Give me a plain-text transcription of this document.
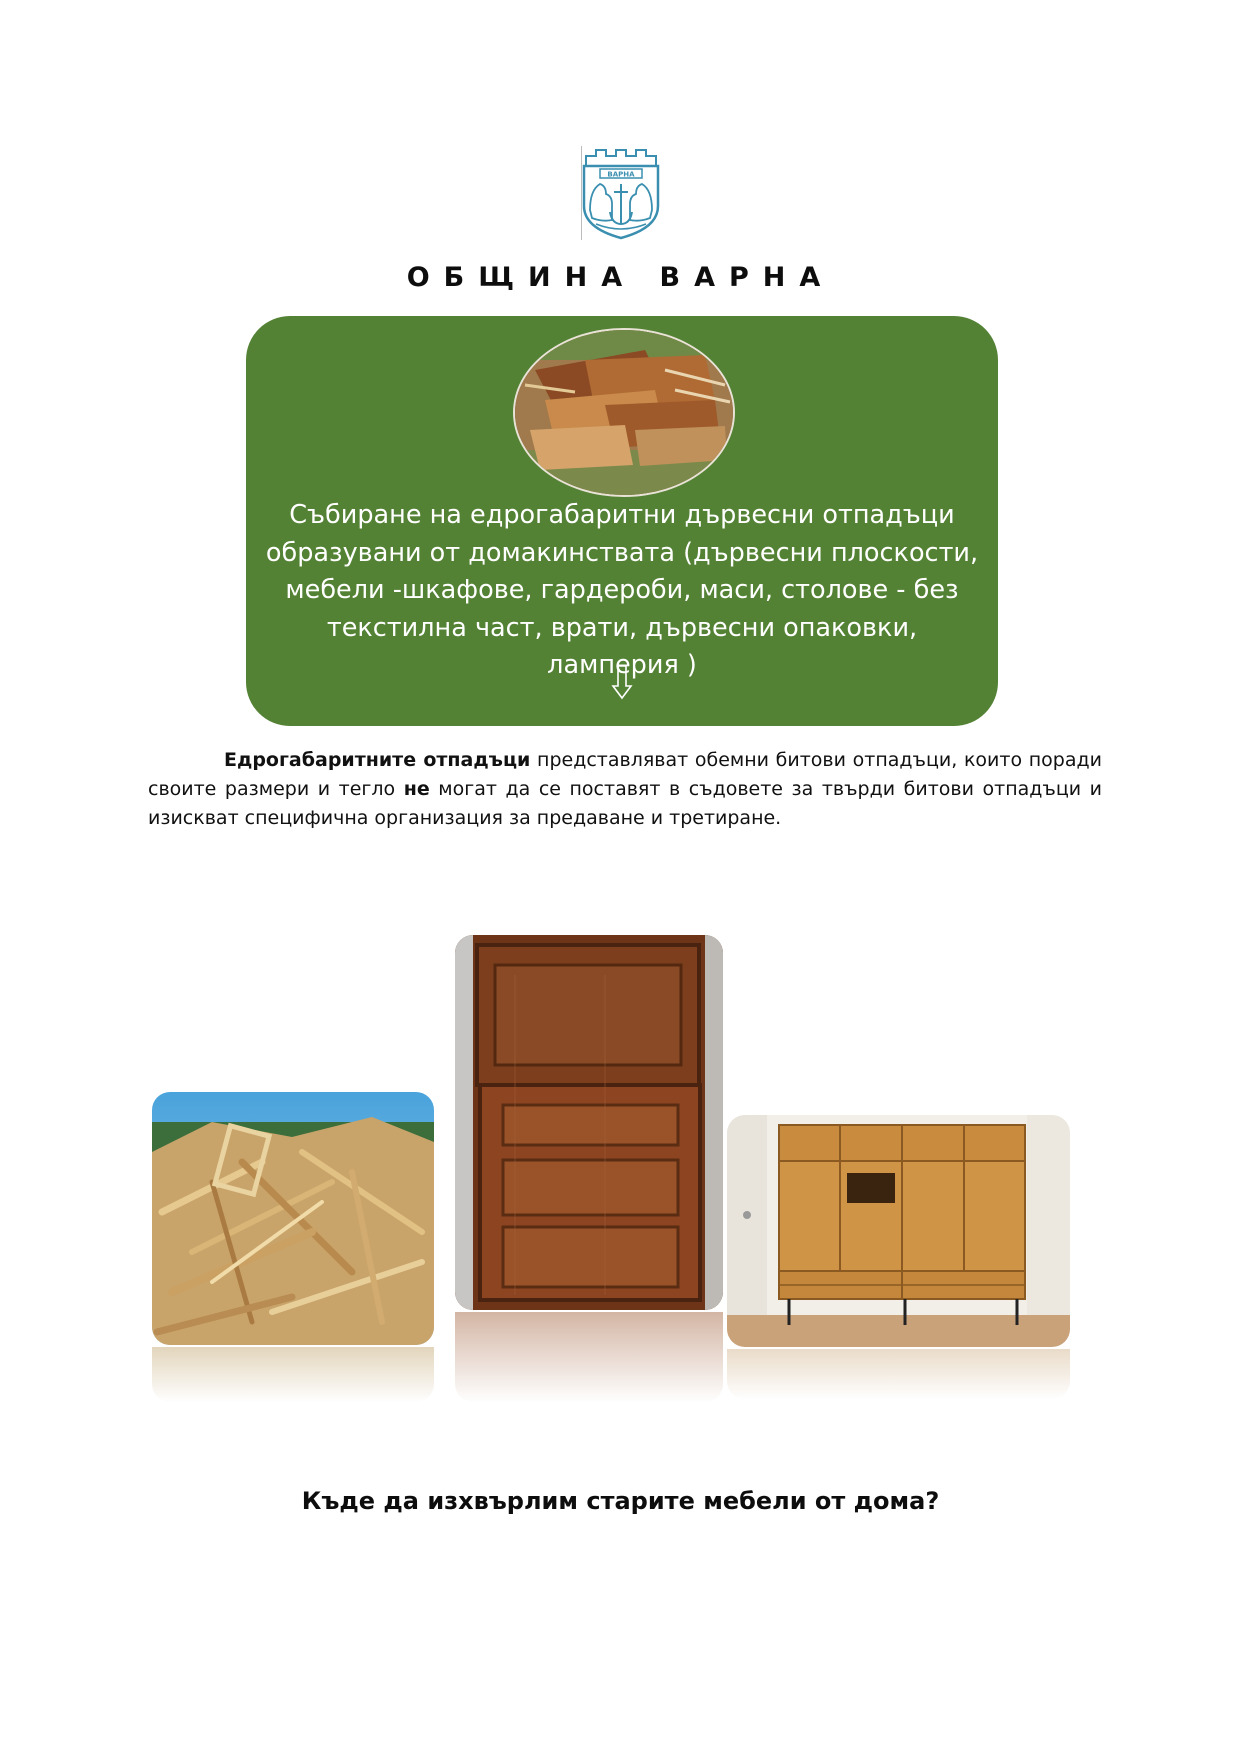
ВАРНА
ОБЩИНА ВАРНА
Събиране на едрогабаритни дървесни отпадъци образувани от домакинствата (дървесни плоскости, мебели -шкафове, гардероби, маси, столове - без текстилна част, врати, дървесни опаковки, ламперия )
Едрогабаритните отпадъци представляват обемни битови отпадъци, които поради своите размери и тегло не могат да се поставят в съдовете за твърди битови отпадъци и изискват специфична организация за предаване и третиране.
Къде да изхвърлим старите мебели от дома?
